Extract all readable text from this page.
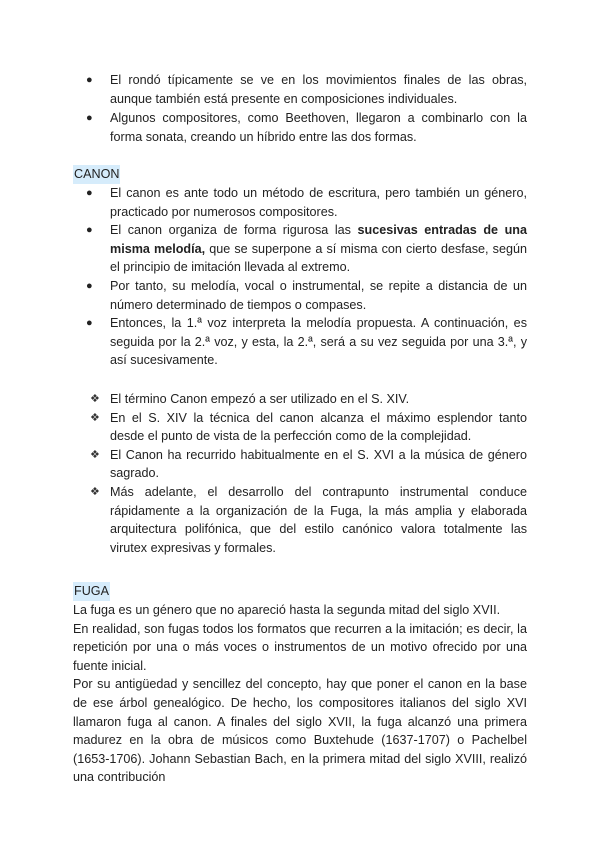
● El rondó típicamente se ve en los movimientos finales de las obras, aunque también está presente en composiciones individuales.
● Algunos compositores, como Beethoven, llegaron a combinarlo con la forma sonata, creando un híbrido entre las dos formas.
CANON
● El canon es ante todo un método de escritura, pero también un género, practicado por numerosos compositores.
● El canon organiza de forma rigurosa las sucesivas entradas de una misma melodía, que se superpone a sí misma con cierto desfase, según el principio de imitación llevada al extremo.
● Por tanto, su melodía, vocal o instrumental, se repite a distancia de un número determinado de tiempos o compases.
● Entonces, la 1.ª voz interpreta la melodía propuesta. A continuación, es seguida por la 2.ª voz, y esta, la 2.ª, será a su vez seguida por una 3.ª, y así sucesivamente.
❖ El término Canon empezó a ser utilizado en el S. XIV.
❖ En el S. XIV la técnica del canon alcanza el máximo esplendor tanto desde el punto de vista de la perfección como de la complejidad.
❖ El Canon ha recurrido habitualmente en el S. XVI a la música de género sagrado.
❖ Más adelante, el desarrollo del contrapunto instrumental conduce rápidamente a la organización de la Fuga, la más amplia y elaborada arquitectura polifónica, que del estilo canónico valora totalmente las virutex expresivas y formales.
FUGA
La fuga es un género que no apareció hasta la segunda mitad del siglo XVII.
En realidad, son fugas todos los formatos que recurren a la imitación; es decir, la repetición por una o más voces o instrumentos de un motivo ofrecido por una fuente inicial.
Por su antigüedad y sencillez del concepto, hay que poner el canon en la base de ese árbol genealógico. De hecho, los compositores italianos del siglo XVI llamaron fuga al canon. A finales del siglo XVII, la fuga alcanzó una primera madurez en la obra de músicos como Buxtehude (1637-1707) o Pachelbel (1653-1706). Johann Sebastian Bach, en la primera mitad del siglo XVIII, realizó una contribución
